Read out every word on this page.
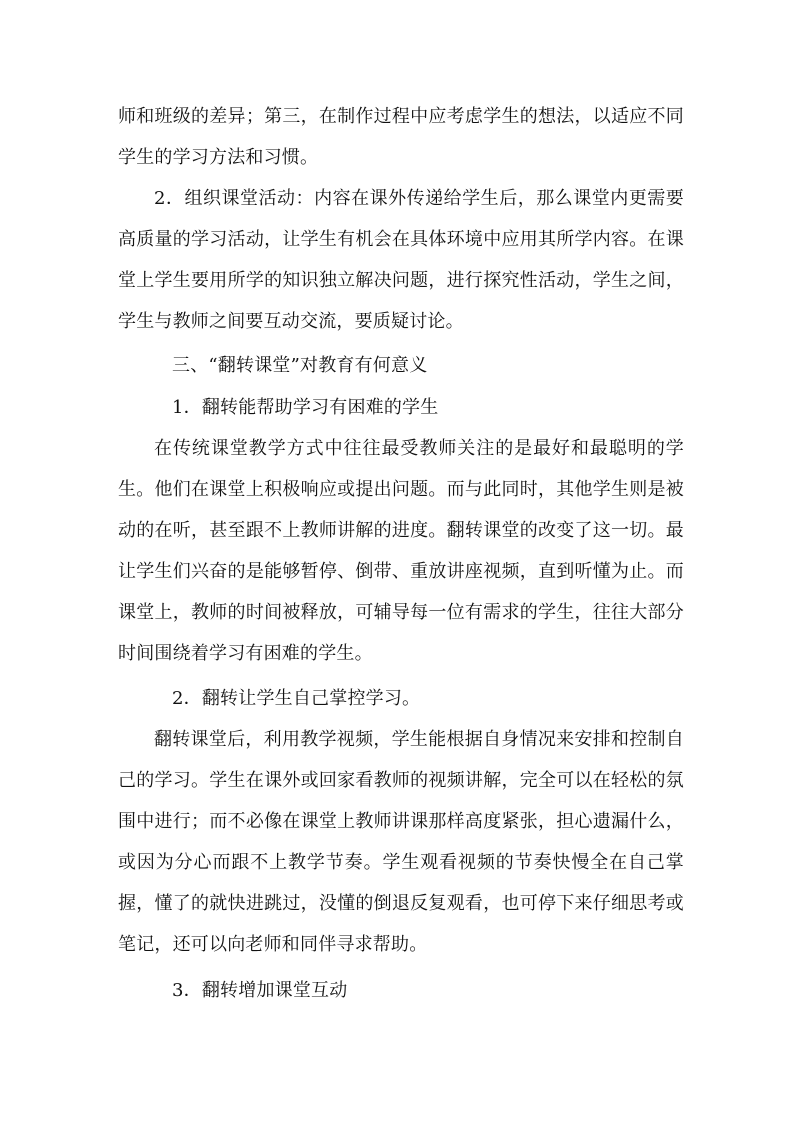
师和班级的差异；第三，在制作过程中应考虑学生的想法，以适应不同学生的学习方法和习惯。

2．组织课堂活动：内容在课外传递给学生后，那么课堂内更需要高质量的学习活动，让学生有机会在具体环境中应用其所学内容。在课堂上学生要用所学的知识独立解决问题，进行探究性活动，学生之间，学生与教师之间要互动交流，要质疑讨论。

三、“翻转课堂”对教育有何意义

1．翻转能帮助学习有困难的学生

在传统课堂教学方式中往往最受教师关注的是最好和最聪明的学生。他们在课堂上积极响应或提出问题。而与此同时，其他学生则是被动的在听，甚至跟不上教师讲解的进度。翻转课堂的改变了这一切。最让学生们兴奋的是能够暂停、倒带、重放讲座视频，直到听懂为止。而课堂上，教师的时间被释放，可辅导每一位有需求的学生，往往大部分时间围绕着学习有困难的学生。

2．翻转让学生自己掌控学习。

翻转课堂后，利用教学视频，学生能根据自身情况来安排和控制自己的学习。学生在课外或回家看教师的视频讲解，完全可以在轻松的氛围中进行；而不必像在课堂上教师讲课那样高度紧张，担心遗漏什么，或因为分心而跟不上教学节奏。学生观看视频的节奏快慢全在自己掌握，懂了的就快进跳过，没懂的倒退反复观看，也可停下来仔细思考或笔记，还可以向老师和同伴寻求帮助。

3．翻转增加课堂互动
